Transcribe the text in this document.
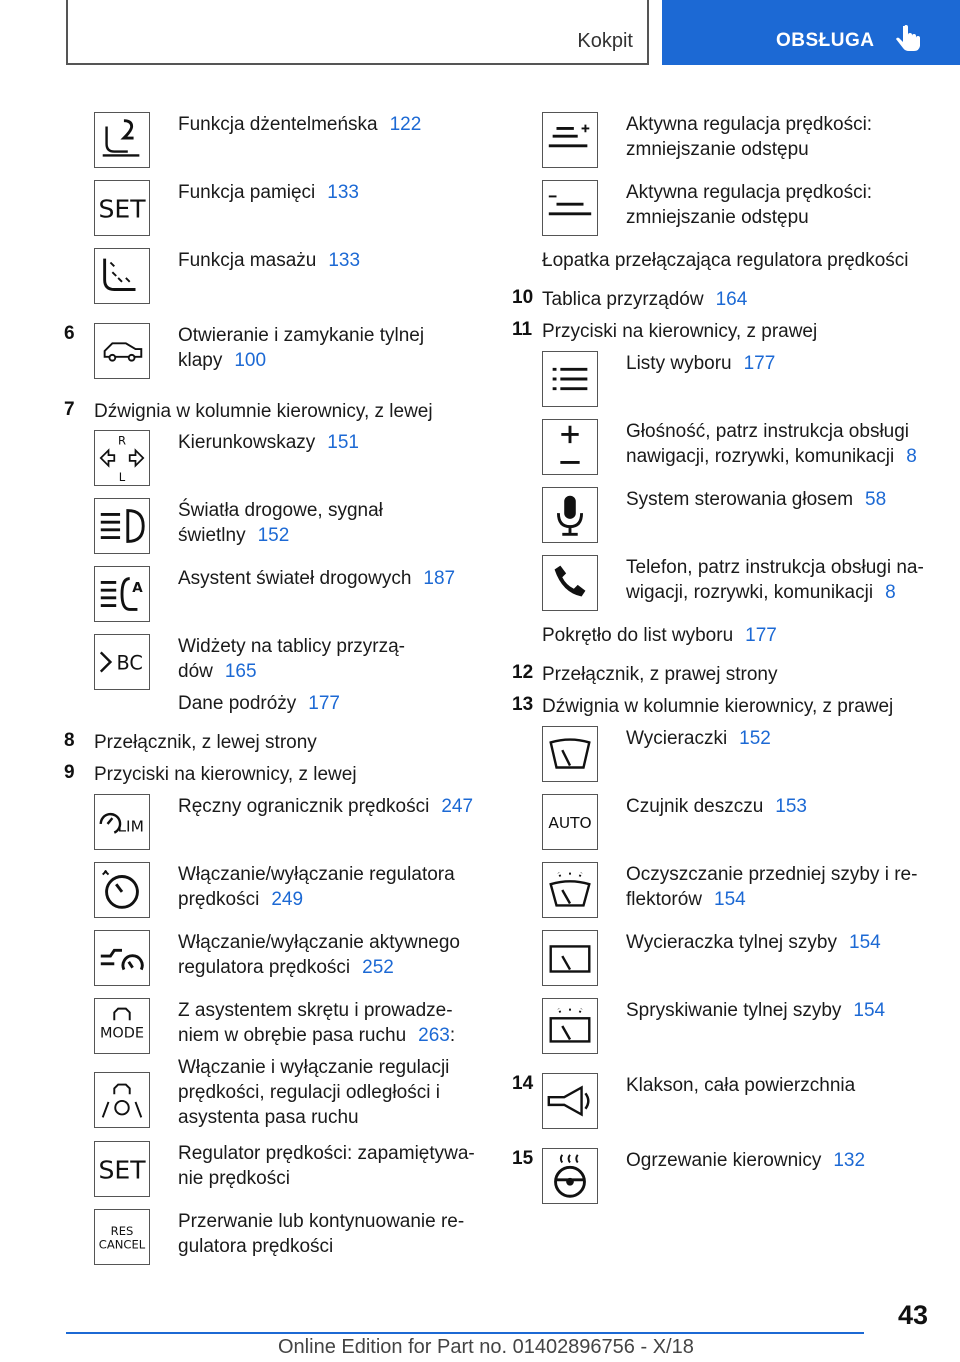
Kokpit	OBSŁUGA
Funkcja dżentelmeńska 122
SET
Funkcja pamięci 133
Funkcja masażu 133
6	Otwieranie i zamykanie tylnej
klapy 100
7 Dźwignia w kolumnie kierownicy, z lewej
R
L
Kierunkowskazy 151
Światła drogowe, sygnał
świetlny 152
A Asystent świateł drogowych 187
BC
Widżety na tablicy przyrzą-
dów 165
Dane podróży 177
8 Przełącznik, z lewej strony
9 Przyciski na kierownicy, z lewej
LIM
Ręczny ogranicznik prędkości 247
Włączanie/wyłączanie regulatora
prędkości 249
Włączanie/wyłączanie aktywnego
regulatora prędkości 252
MODE
Z asystentem skrętu i prowadze-
niem w obrębie pasa ruchu 263:
Włączanie i wyłączanie regulacji
prędkości, regulacji odległości i
asystenta pasa ruchu
SET
Regulator prędkości: zapamiętywa-
nie prędkości
RES
CANCEL
Przerwanie lub kontynuowanie re-
gulatora prędkości
Aktywna regulacja prędkości:
zmniejszanie odstępu
Aktywna regulacja prędkości:
zmniejszanie odstępu
Łopatka przełączająca regulatora prędkości
10 Tablica przyrządów 164
11 Przyciski na kierownicy, z prawej
Listy wyboru 177
Głośność, patrz instrukcja obsługi
nawigacji, rozrywki, komunikacji 8
System sterowania głosem 58
Telefon, patrz instrukcja obsługi na-
wigacji, rozrywki, komunikacji 8
Pokrętło do list wyboru 177
12 Przełącznik, z prawej strony
13 Dźwignia w kolumnie kierownicy, z prawej
Wycieraczki 152
AUTO
Czujnik deszczu 153
Oczyszczanie przedniej szyby i re-
flektorów 154
Wycieraczka tylnej szyby 154
Spryskiwanie tylnej szyby 154
14	Klakson, cała powierzchnia
15	Ogrzewanie kierownicy 132
43
Online Edition for Part no. 01402896756 - X/18
